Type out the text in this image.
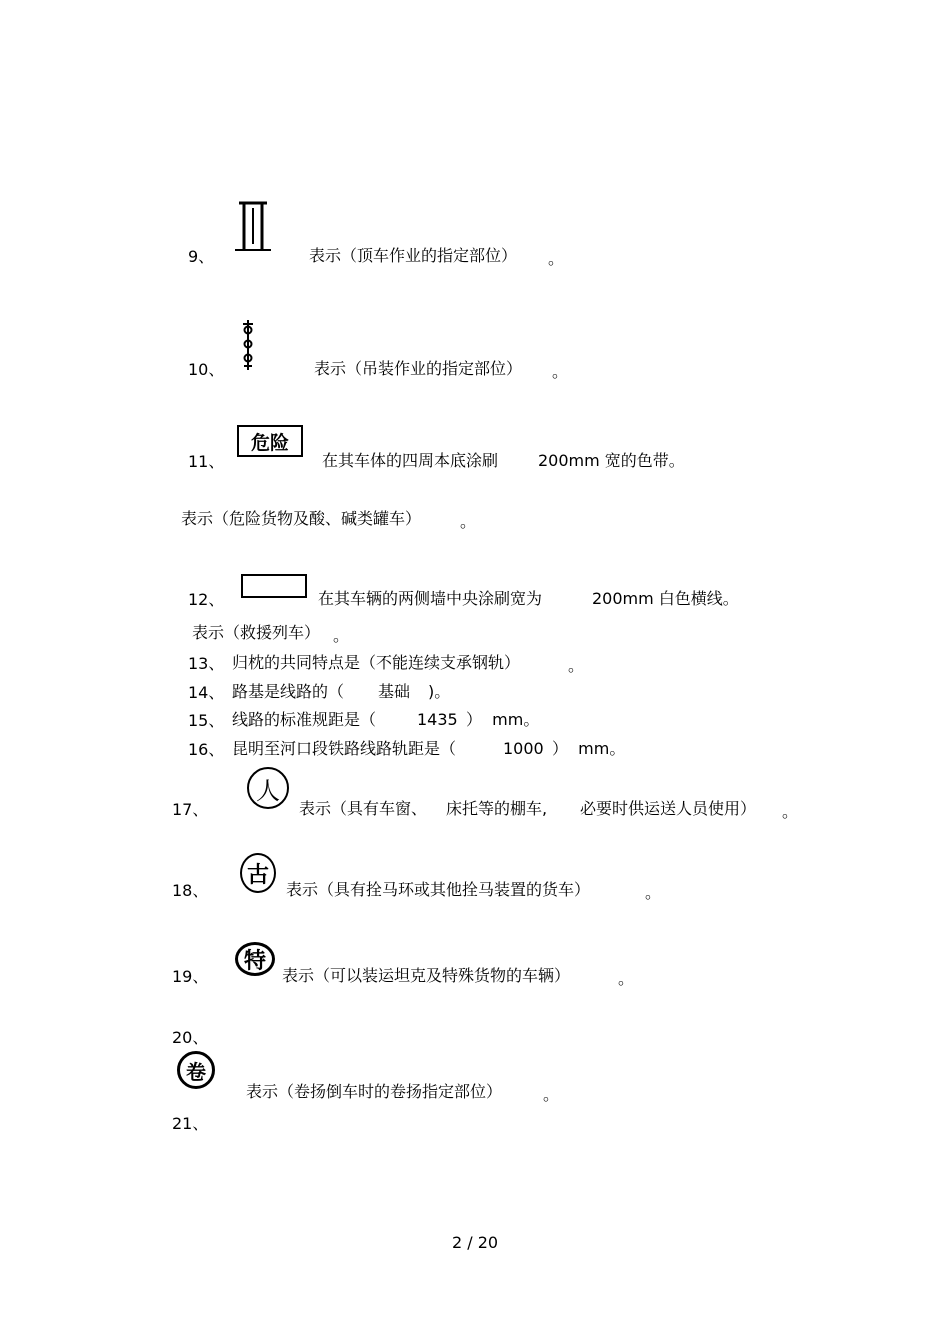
9、	表示（顶车作业的指定部位） 。
10、	表示（吊装作业的指定部位） 。
危险
11、	在其车体的四周本底涂刷 200mm 宽的色带。
表示（危险货物及酸、碱类罐车） 。
12、	在其车辆的两侧墙中央涂刷宽为	200mm 白色横线。
表示（救援列车） 。
13、 归枕的共同特点是（不能连续支承钢轨）	。
14、 路基是线路的（ 基础 )。
15、 线路的标准规距是（	1435 ）  mm。
16、 昆明至河口段铁路线路轨距是（	1000 ）  mm。
人
17、	表示（具有车窗、 床托等的棚车, 必要时供运送人员使用） 。
古
18、	表示（具有拴马环或其他拴马装置的货车）	。
特
19、	表示（可以装运坦克及特殊货物的车辆）	。
20、
卷
表示（卷扬倒车时的卷扬指定部位）	。
21、
2 / 20
